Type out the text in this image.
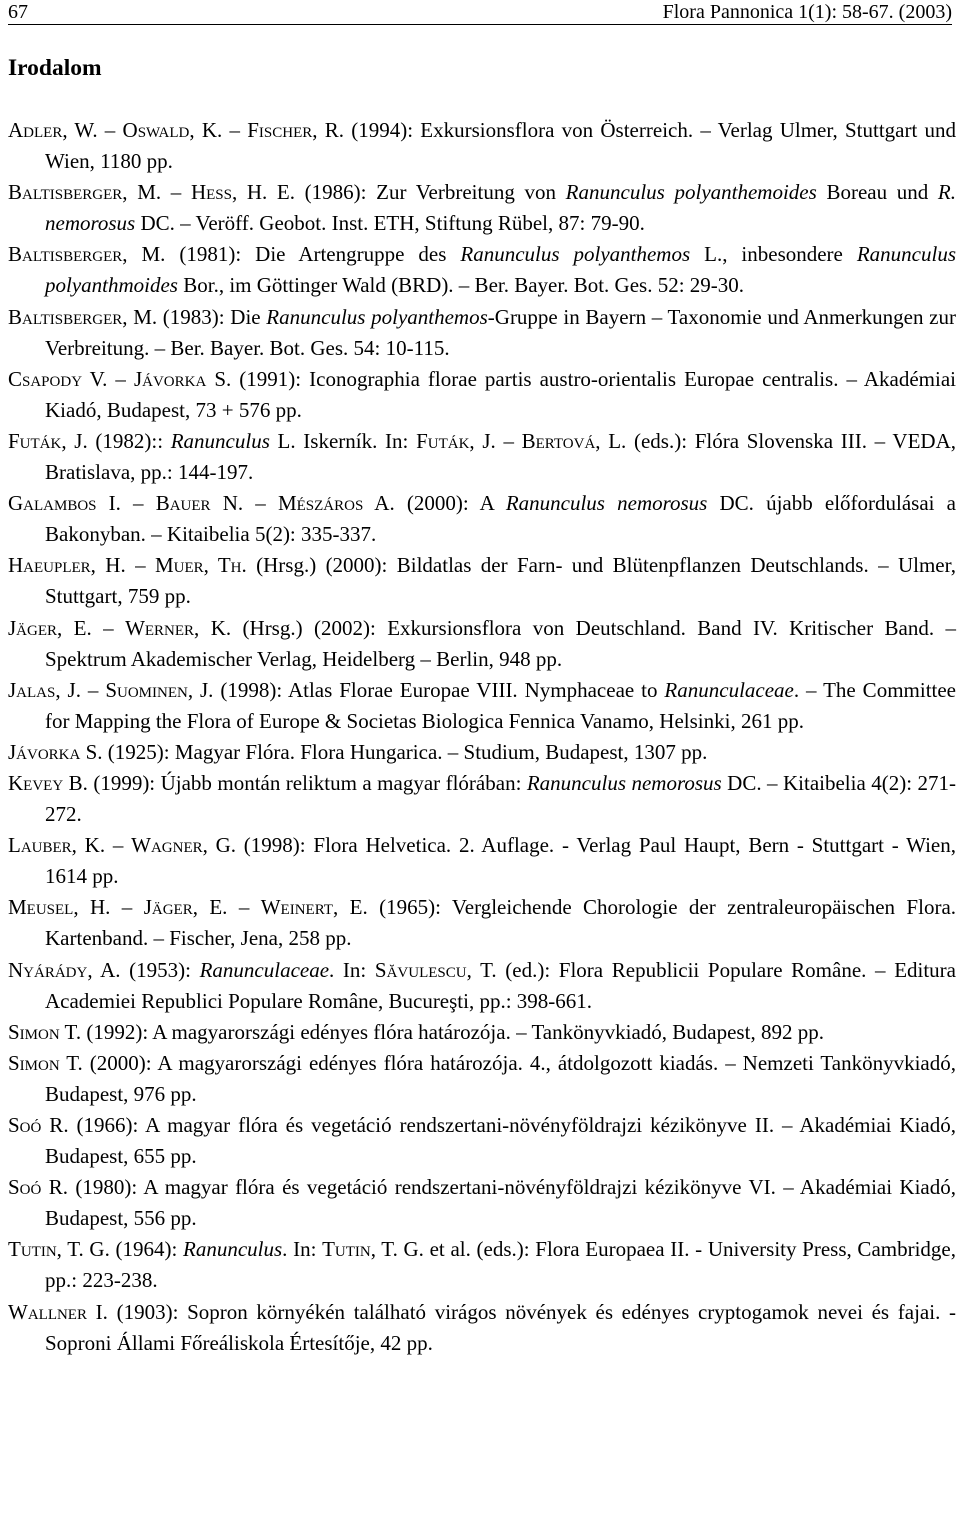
67	Flora Pannonica 1(1): 58-67. (2003)
Irodalom

Adler, W. – Oswald, K. – Fischer, R. (1994): Exkursionsflora von Österreich. – Verlag Ulmer, Stuttgart und Wien, 1180 pp.

Baltisberger, M. – Hess, H. E. (1986): Zur Verbreitung von Ranunculus polyanthemoides Boreau und R. nemorosus DC. – Veröff. Geobot. Inst. ETH, Stiftung Rübel, 87: 79-90.

Baltisberger, M. (1981): Die Artengruppe des Ranunculus polyanthemos L., inbesondere Ranunculus polyanthmoides Bor., im Göttinger Wald (BRD). – Ber. Bayer. Bot. Ges. 52: 29-30.

Baltisberger, M. (1983): Die Ranunculus polyanthemos-Gruppe in Bayern – Taxonomie und Anmerkungen zur Verbreitung. – Ber. Bayer. Bot. Ges. 54: 10-115.

Csapody V. – Jávorka S. (1991): Iconographia florae partis austro-orientalis Europae centralis. – Akadémiai Kiadó, Budapest, 73 + 576 pp.

Futák, J. (1982):: Ranunculus L. Iskerník. In: Futák, J. – Bertová, L. (eds.): Flóra Slovenska III. – VEDA, Bratislava, pp.: 144-197.

Galambos I. – Bauer N. – Mészáros A. (2000): A Ranunculus nemorosus DC. újabb előfordulásai a Bakonyban. – Kitaibelia 5(2): 335-337.

Haeupler, H. – Muer, Th. (Hrsg.) (2000): Bildatlas der Farn- und Blütenpflanzen Deutschlands. – Ulmer, Stuttgart, 759 pp.

Jäger, E. – Werner, K. (Hrsg.) (2002): Exkursionsflora von Deutschland. Band IV. Kritischer Band. – Spektrum Akademischer Verlag, Heidelberg – Berlin, 948 pp.

Jalas, J. – Suominen, J. (1998): Atlas Florae Europae VIII. Nymphaceae to Ranunculaceae. – The Committee for Mapping the Flora of Europe & Societas Biologica Fennica Vanamo, Helsinki, 261 pp.

Jávorka S. (1925): Magyar Flóra. Flora Hungarica. – Studium, Budapest, 1307 pp.

Kevey B. (1999): Újabb montán reliktum a magyar flórában: Ranunculus nemorosus DC. – Kitaibelia 4(2): 271-272.

Lauber, K. – Wagner, G. (1998): Flora Helvetica. 2. Auflage. - Verlag Paul Haupt, Bern - Stuttgart - Wien, 1614 pp.

Meusel, H. – Jäger, E. – Weinert, E. (1965): Vergleichende Chorologie der zentraleuropäischen Flora. Kartenband. – Fischer, Jena, 258 pp.

Nyárády, A. (1953): Ranunculaceae. In: Săvulescu, T. (ed.): Flora Republicii Populare Române. – Editura Academiei Republici Populare Române, Bucureşti, pp.: 398-661.

Simon T. (1992): A magyarországi edényes flóra határozója. – Tankönyvkiadó, Budapest, 892 pp.

Simon T. (2000): A magyarországi edényes flóra határozója. 4., átdolgozott kiadás. – Nemzeti Tankönyvkiadó, Budapest, 976 pp.

Soó R. (1966): A magyar flóra és vegetáció rendszertani-növényföldrajzi kézikönyve II. – Akadémiai Kiadó, Budapest, 655 pp.

Soó R. (1980): A magyar flóra és vegetáció rendszertani-növényföldrajzi kézikönyve VI. – Akadémiai Kiadó, Budapest, 556 pp.

Tutin, T. G. (1964): Ranunculus. In: Tutin, T. G. et al. (eds.): Flora Europaea II. - University Press, Cambridge, pp.: 223-238.

Wallner I. (1903): Sopron környékén található virágos növények és edényes cryptogamok nevei és fajai. - Soproni Állami Főreáliskola Értesítője, 42 pp.
